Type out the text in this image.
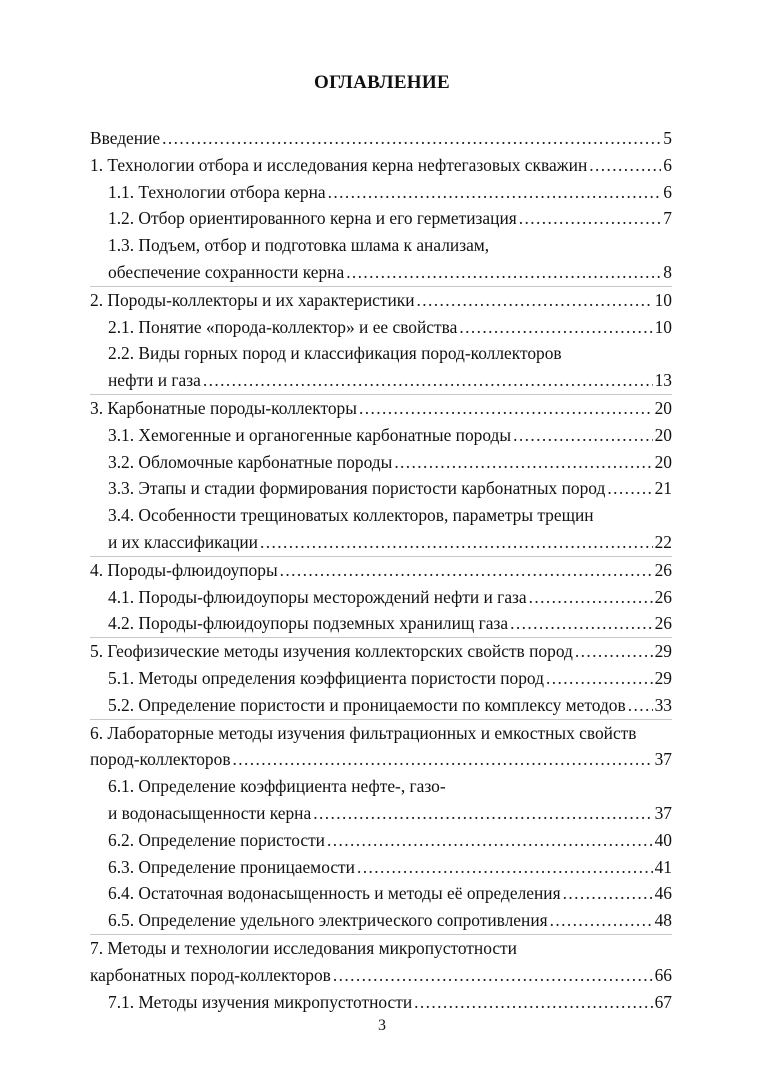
ОГЛАВЛЕНИЕ
Введение .....	5
1. Технологии отбора и исследования керна нефтегазовых скважин .....	6
1.1. Технологии отбора керна .....	6
1.2. Отбор ориентированного керна и его герметизация .....	7
1.3. Подъем, отбор и подготовка шлама к анализам,
обеспечение сохранности керна .....	8
2. Породы-коллекторы и их характеристики .....	10
2.1. Понятие «порода-коллектор» и ее свойства .....	10
2.2. Виды горных пород и классификация пород-коллекторов
нефти и газа .....	13
3. Карбонатные породы-коллекторы .....	20
3.1. Хемогенные и органогенные карбонатные породы .....	20
3.2. Обломочные карбонатные породы .....	20
3.3. Этапы и стадии формирования пористости карбонатных пород .....	21
3.4. Особенности трещиноватых коллекторов, параметры трещин
и их классификации .....	22
4. Породы-флюидоупоры .....	26
4.1. Породы-флюидоупоры месторождений нефти и газа .....	26
4.2. Породы-флюидоупоры подземных хранилищ газа .....	26
5. Геофизические методы изучения коллекторских свойств пород .....	29
5.1. Методы определения коэффициента пористости пород .....	29
5.2. Определение пористости и проницаемости по комплексу методов ..... 33
6. Лабораторные методы изучения фильтрационных и емкостных свойств
пород-коллекторов .....	37
6.1. Определение коэффициента нефте-, газо-
и водонасыщенности керна .....	37
6.2. Определение пористости .....	40
6.3. Определение проницаемости .....	41
6.4. Остаточная водонасыщенность и методы её определения .....	46
6.5. Определение удельного электрического сопротивления .....	48
7. Методы и технологии исследования микропустотности
карбонатных пород-коллекторов .....	66
7.1. Методы изучения микропустотности .....	67
3
